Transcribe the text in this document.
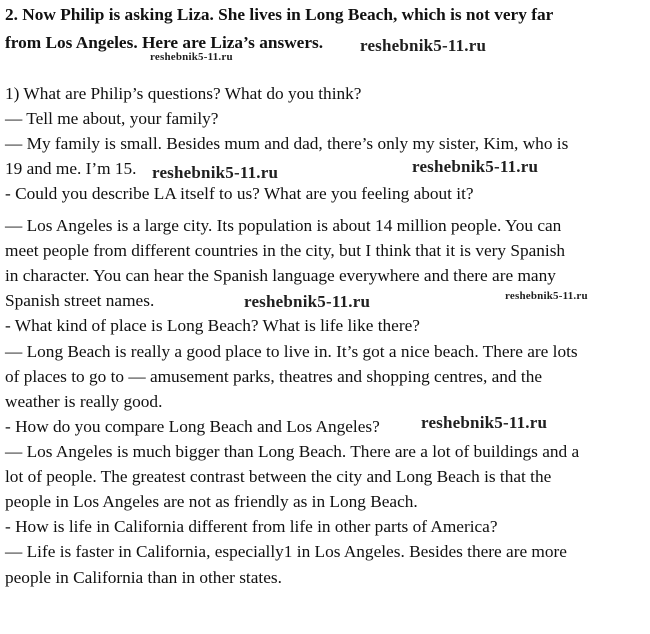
2. Now Philip is asking Liza. She lives in Long Beach, which is not very far
from Los Angeles. Here are Liza’s answers.
1) What are Philip’s questions? What do you think?
— Tell me about, your family?
— My family is small. Besides mum and dad, there’s only my sister, Kim, who is
19 and me. I’m 15.
- Could you describe LA itself to us? What are you feeling about it?
— Los Angeles is a large city. Its population is about 14 million people. You can
meet people from different countries in the city, but I think that it is very Spanish
in character. You can hear the Spanish language everywhere and there are many
Spanish street names.
- What kind of place is Long Beach? What is life like there?
— Long Beach is really a good place to live in. It’s got a nice beach. There are lots
of places to go to — amusement parks, theatres and shopping centres, and the
weather is really good.
- How do you compare Long Beach and Los Angeles?
— Los Angeles is much bigger than Long Beach. There are a lot of buildings and a
lot of people. The greatest contrast between the city and Long Beach is that the
people in Los Angeles are not as friendly as in Long Beach.
- How is life in California different from life in other parts of America?
— Life is faster in California, especially1 in Los Angeles. Besides there are more
people in California than in other states.
reshebnik5-11.ru
reshebnik5-11.ru
reshebnik5-11.ru	reshebnik5-11.ru
reshebnik5-11.ru	reshebnik5-11.ru
reshebnik5-11.ru
